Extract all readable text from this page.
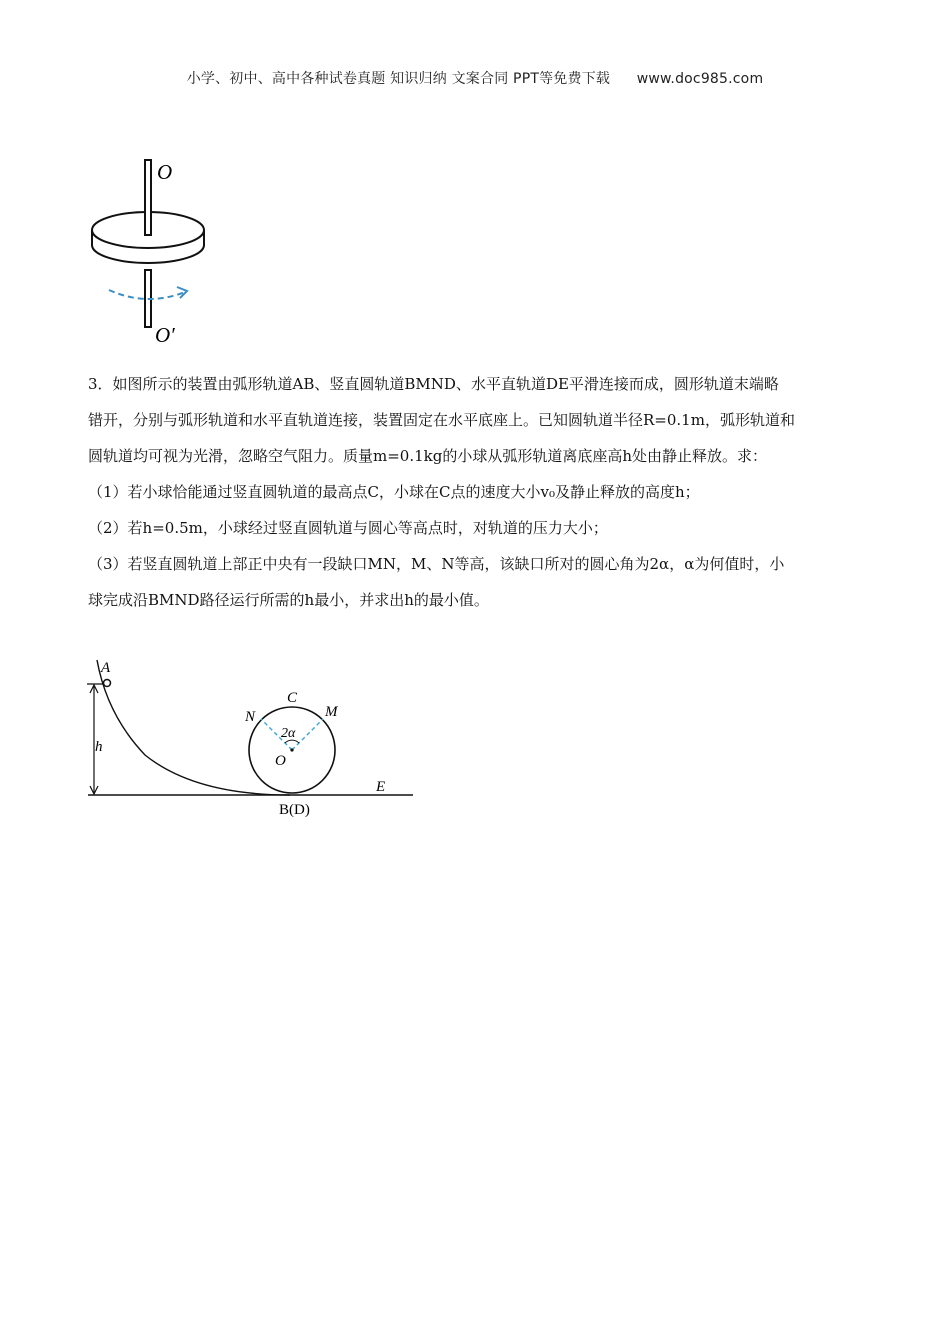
小学、初中、高中各种试卷真题 知识归纳 文案合同 PPT等免费下载 www.doc985.com
O
O′

3．如图所示的装置由弧形轨道AB、竖直圆轨道BMND、水平直轨道DE平滑连接而成，圆形轨道末端略

错开，分别与弧形轨道和水平直轨道连接，装置固定在水平底座上。已知圆轨道半径R=0.1m，弧形轨道和

圆轨道均可视为光滑，忽略空气阻力。质量m=0.1kg的小球从弧形轨道离底座高h处由静止释放。求：

（1）若小球恰能通过竖直圆轨道的最高点C，小球在C点的速度大小v₀及静止释放的高度h；

（2）若h=0.5m，小球经过竖直圆轨道与圆心等高点时，对轨道的压力大小；

（3）若竖直圆轨道上部正中央有一段缺口MN，M、N等高，该缺口所对的圆心角为2α，α为何值时，小

球完成沿BMND路径运行所需的h最小，并求出h的最小值。

A
h
C
N	M
2α
O
E
B(D)
